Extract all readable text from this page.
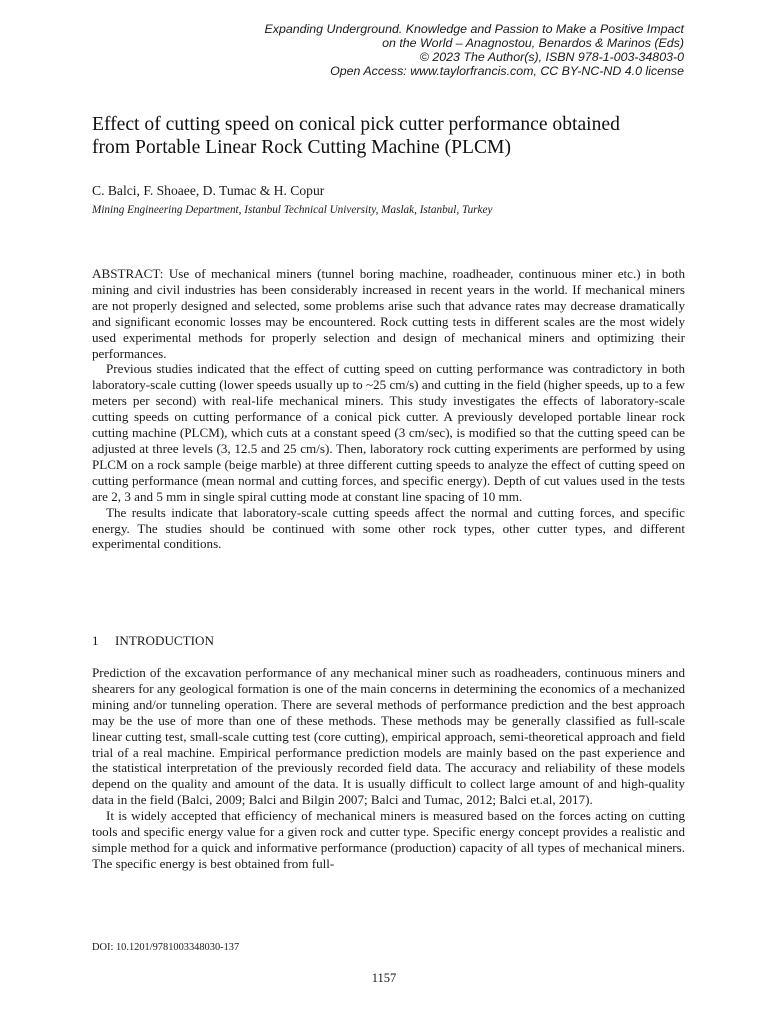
Expanding Underground. Knowledge and Passion to Make a Positive Impact
on the World – Anagnostou, Benardos & Marinos (Eds)
© 2023 The Author(s), ISBN 978-1-003-34803-0
Open Access: www.taylorfrancis.com, CC BY-NC-ND 4.0 license
Effect of cutting speed on conical pick cutter performance obtained
from Portable Linear Rock Cutting Machine (PLCM)
C. Balci, F. Shoaee, D. Tumac & H. Copur
Mining Engineering Department, Istanbul Technical University, Maslak, Istanbul, Turkey

ABSTRACT: Use of mechanical miners (tunnel boring machine, roadheader, continuous miner etc.) in both mining and civil industries has been considerably increased in recent years in the world. If mechanical miners are not properly designed and selected, some problems arise such that advance rates may decrease dramatically and significant economic losses may be encountered. Rock cutting tests in different scales are the most widely used experimental methods for properly selection and design of mechanical miners and optimizing their performances.

Previous studies indicated that the effect of cutting speed on cutting performance was contradictory in both laboratory-scale cutting (lower speeds usually up to ~25 cm/s) and cutting in the field (higher speeds, up to a few meters per second) with real-life mechanical miners. This study investigates the effects of laboratory-scale cutting speeds on cutting performance of a conical pick cutter. A previously developed portable linear rock cutting machine (PLCM), which cuts at a constant speed (3 cm/sec), is modified so that the cutting speed can be adjusted at three levels (3, 12.5 and 25 cm/s). Then, laboratory rock cutting experiments are performed by using PLCM on a rock sample (beige marble) at three different cutting speeds to analyze the effect of cutting speed on cutting performance (mean normal and cutting forces, and specific energy). Depth of cut values used in the tests are 2, 3 and 5 mm in single spiral cutting mode at constant line spacing of 10 mm.

The results indicate that laboratory-scale cutting speeds affect the normal and cutting forces, and specific energy. The studies should be continued with some other rock types, other cutter types, and different experimental conditions.

1 INTRODUCTION

Prediction of the excavation performance of any mechanical miner such as roadheaders, continuous miners and shearers for any geological formation is one of the main concerns in determining the economics of a mechanized mining and/or tunneling operation. There are several methods of performance prediction and the best approach may be the use of more than one of these methods. These methods may be generally classified as full-scale linear cutting test, small-scale cutting test (core cutting), empirical approach, semi-theoretical approach and field trial of a real machine. Empirical performance prediction models are mainly based on the past experience and the statistical interpretation of the previously recorded field data. The accuracy and reliability of these models depend on the quality and amount of the data. It is usually difficult to collect large amount of and high-quality data in the field (Balci, 2009; Balci and Bilgin 2007; Balci and Tumac, 2012; Balci et.al, 2017).

It is widely accepted that efficiency of mechanical miners is measured based on the forces acting on cutting tools and specific energy value for a given rock and cutter type. Specific energy concept provides a realistic and simple method for a quick and informative performance (production) capacity of all types of mechanical miners. The specific energy is best obtained from full-

DOI: 10.1201/9781003348030-137
1157
